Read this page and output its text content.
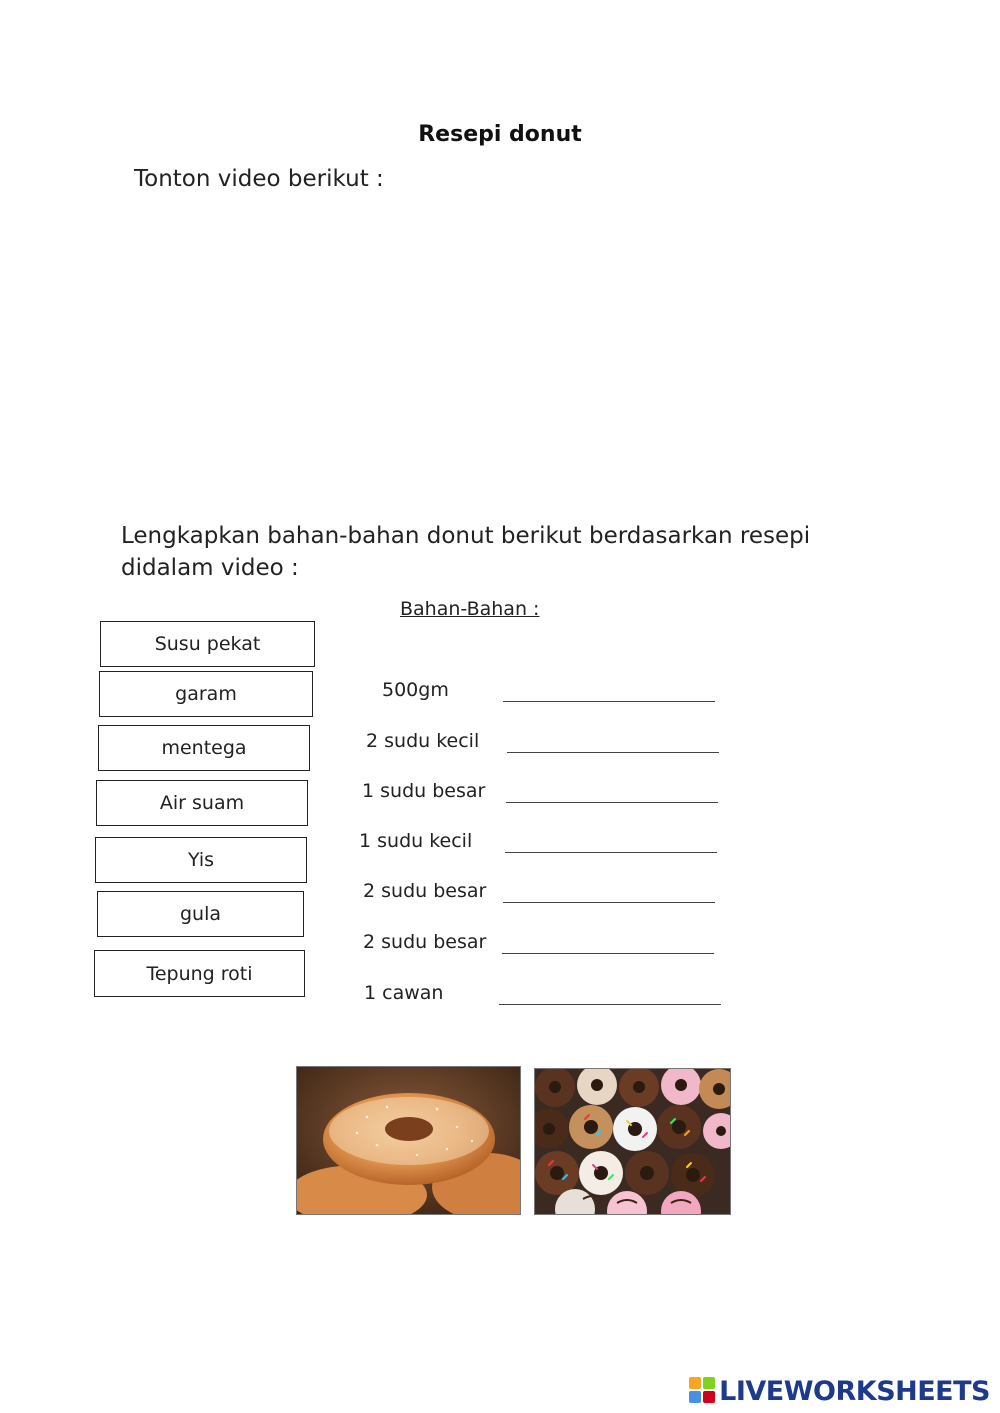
Resepi donut
Tonton video berikut :
Lengkapkan bahan-bahan donut berikut berdasarkan resepi didalam video :
Bahan-Bahan :
Susu pekat
garam
mentega
Air suam
Yis
gula
Tepung roti
500gm
2 sudu kecil
1 sudu besar
1 sudu kecil
2 sudu besar
2 sudu besar
1 cawan
LIVEWORKSHEETS
